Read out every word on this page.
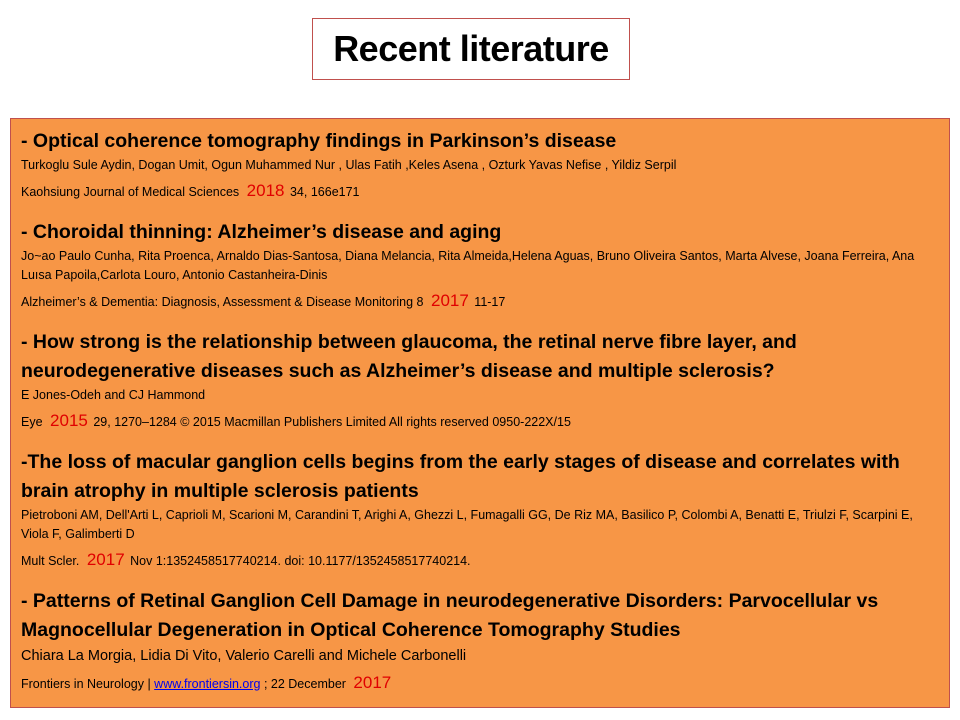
Recent literature

- Optical coherence tomography findings in Parkinson’s disease

Turkoglu Sule Aydin, Dogan Umit, Ogun Muhammed Nur , Ulas Fatih ,Keles Asena , Ozturk Yavas Nefise , Yildiz Serpil

Kaohsiung Journal of Medical Sciences 2018 34, 166e171

- Choroidal thinning: Alzheimer’s disease and aging

Jo~ao Paulo Cunha, Rita Proenca, Arnaldo Dias-Santosa, Diana Melancia, Rita Almeida,Helena Aguas, Bruno Oliveira Santos, Marta Alvese, Joana Ferreira, Ana Luısa Papoila,Carlota Louro, Antonio Castanheira-Dinis

Alzheimer’s & Dementia: Diagnosis, Assessment & Disease Monitoring 8 2017 11-17

- How strong is the relationship between glaucoma, the retinal nerve fibre layer, and neurodegenerative diseases such as Alzheimer’s disease and multiple sclerosis?

E Jones-Odeh and CJ Hammond

Eye 2015 29, 1270–1284 © 2015 Macmillan Publishers Limited All rights reserved 0950-222X/15

-The loss of macular ganglion cells begins from the early stages of disease and correlates with brain atrophy in multiple sclerosis patients

Pietroboni AM, Dell'Arti L, Caprioli M, Scarioni M, Carandini T, Arighi A, Ghezzi L, Fumagalli GG, De Riz MA, Basilico P, Colombi A, Benatti E, Triulzi F, Scarpini E, Viola F, Galimberti D

Mult Scler. 2017 Nov 1:1352458517740214. doi: 10.1177/1352458517740214.

- Patterns of Retinal Ganglion Cell Damage in neurodegenerative Disorders: Parvocellular vs Magnocellular Degeneration in Optical Coherence Tomography Studies

Chiara La Morgia, Lidia Di Vito, Valerio Carelli and Michele Carbonelli

Frontiers in Neurology | www.frontiersin.org ; 22 December 2017
